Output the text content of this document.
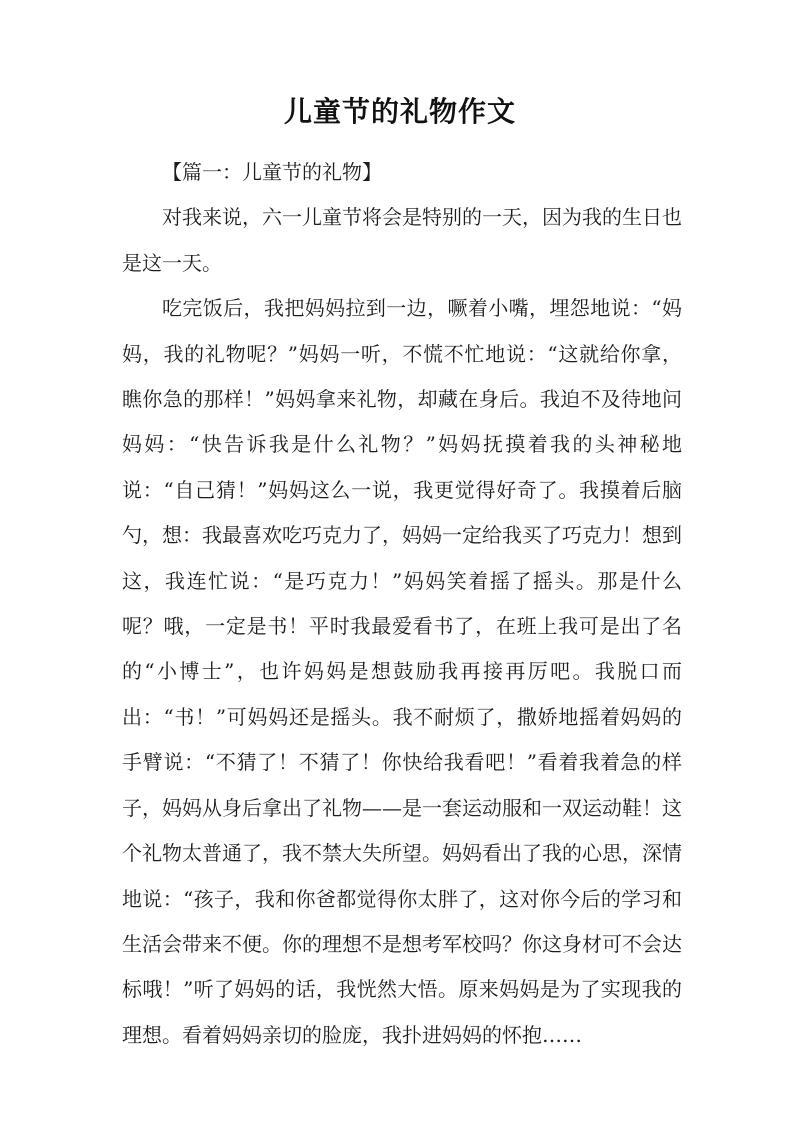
儿童节的礼物作文

【篇一：儿童节的礼物】

对我来说，六一儿童节将会是特别的一天，因为我的生日也是这一天。

吃完饭后，我把妈妈拉到一边，噘着小嘴，埋怨地说：“妈妈，我的礼物呢？”妈妈一听，不慌不忙地说：“这就给你拿，瞧你急的那样！”妈妈拿来礼物，却藏在身后。我迫不及待地问妈妈：“快告诉我是什么礼物？”妈妈抚摸着我的头神秘地说：“自己猜！”妈妈这么一说，我更觉得好奇了。我摸着后脑勺，想：我最喜欢吃巧克力了，妈妈一定给我买了巧克力！想到这，我连忙说：“是巧克力！”妈妈笑着摇了摇头。那是什么呢？哦，一定是书！平时我最爱看书了，在班上我可是出了名的“小博士”，也许妈妈是想鼓励我再接再厉吧。我脱口而出：“书！”可妈妈还是摇头。我不耐烦了，撒娇地摇着妈妈的手臂说：“不猜了！不猜了！你快给我看吧！”看着我着急的样子，妈妈从身后拿出了礼物——是一套运动服和一双运动鞋！这个礼物太普通了，我不禁大失所望。妈妈看出了我的心思，深情地说：“孩子，我和你爸都觉得你太胖了，这对你今后的学习和生活会带来不便。你的理想不是想考军校吗？你这身材可不会达标哦！”听了妈妈的话，我恍然大悟。原来妈妈是为了实现我的理想。看着妈妈亲切的脸庞，我扑进妈妈的怀抱……
